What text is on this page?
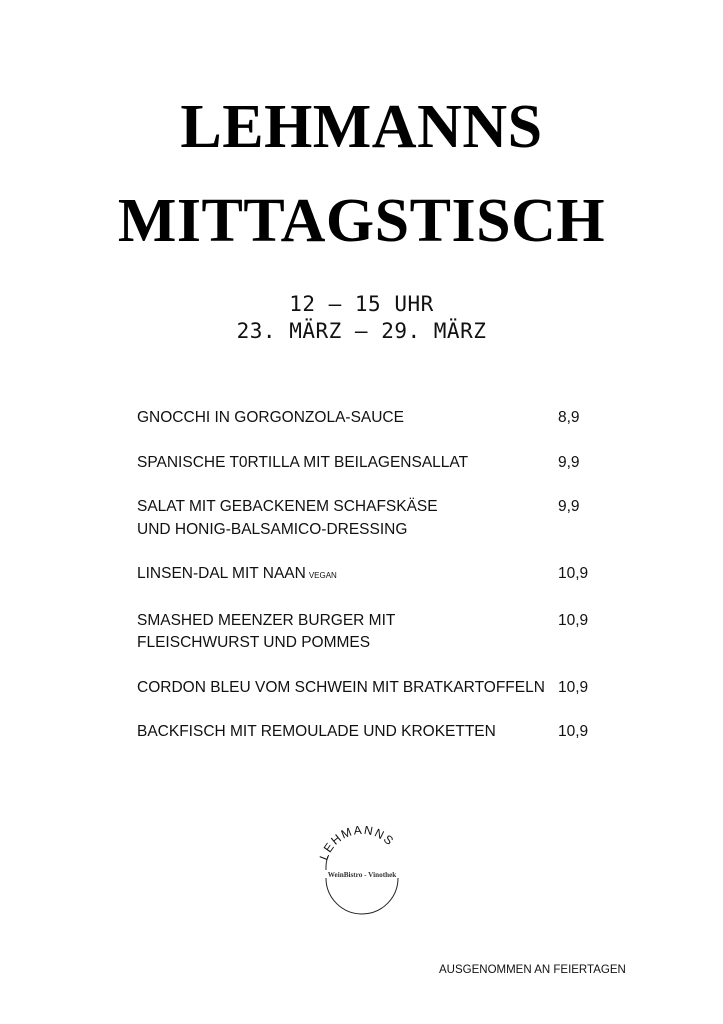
LEHMANNS
MITTAGSTISCH
12 – 15 UHR
23. MÄRZ – 29. MÄRZ
GNOCCHI IN GORGONZOLA-SAUCE	8,9
SPANISCHE T0RTILLA MIT BEILAGENSALLAT	9,9
SALAT MIT GEBACKENEM SCHAFSKÄSE
UND HONIG-BALSAMICO-DRESSING
9,9
LINSEN-DAL MIT NAAN VEGAN	10,9
SMASHED MEENZER BURGER MIT
FLEISCHWURST UND POMMES
10,9
CORDON BLEU VOM SCHWEIN MIT BRATKARTOFFELN 10,9
BACKFISCH MIT REMOULADE UND KROKETTEN	10,9
LEHMANNS
WeinBistro - Vinothek
AUSGENOMMEN AN FEIERTAGEN
